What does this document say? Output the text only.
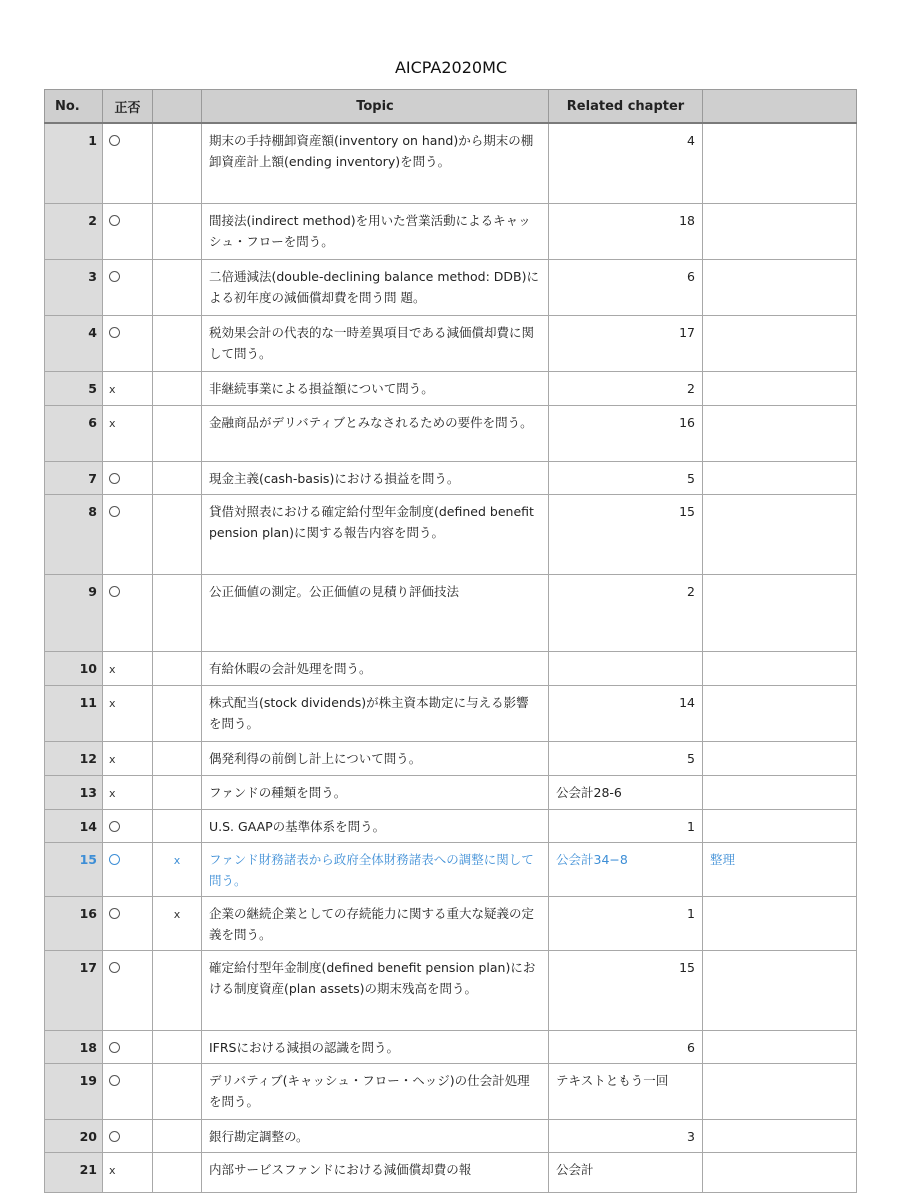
AICPA2020MC
No.	正否		Topic	Related chapter	
1			期末の手持棚卸資産額(inventory on hand)から期末の棚卸資産計上額(ending inventory)を問う。	4	
2			間接法(indirect method)を用いた営業活動によるキャッシュ・フローを問う。	18	
3			二倍逓減法(double-declining balance method: DDB)による初年度の減価償却費を問う問 題。	6	
4			税効果会計の代表的な一時差異項目である減価償却費に関して問う。	17	
5	x		非継続事業による損益額について問う。	2	
6	x		金融商品がデリバティブとみなされるための要件を問う。	16	
7			現金主義(cash-basis)における損益を問う。	5	
8			貸借対照表における確定給付型年金制度(defined benefit pension plan)に関する報告内容を問う。	15	
9			公正価値の測定。公正価値の見積り評価技法	2	
10	x		有給休暇の会計処理を問う。		
11	x		株式配当(stock dividends)が株主資本勘定に与える影響を問う。	14	
12	x		偶発利得の前倒し計上について問う。	5	
13	x		ファンドの種類を問う。	公会計28-6	
14			U.S. GAAPの基準体系を問う。	1	
15		x	ファンド財務諸表から政府全体財務諸表への調整に関して問う。	公会計34−8	整理
16		x	企業の継続企業としての存続能力に関する重大な疑義の定義を問う。	1	
17			確定給付型年金制度(defined benefit pension plan)における制度資産(plan assets)の期末残高を問う。	15	
18			IFRSにおける減損の認識を問う。	6	
19			デリバティブ(キャッシュ・フロー・ヘッジ)の仕会計処理を問う。	テキストともう一回	
20			銀行勘定調整の。	3	
21	x		内部サービスファンドにおける減価償却費の報	公会計	
